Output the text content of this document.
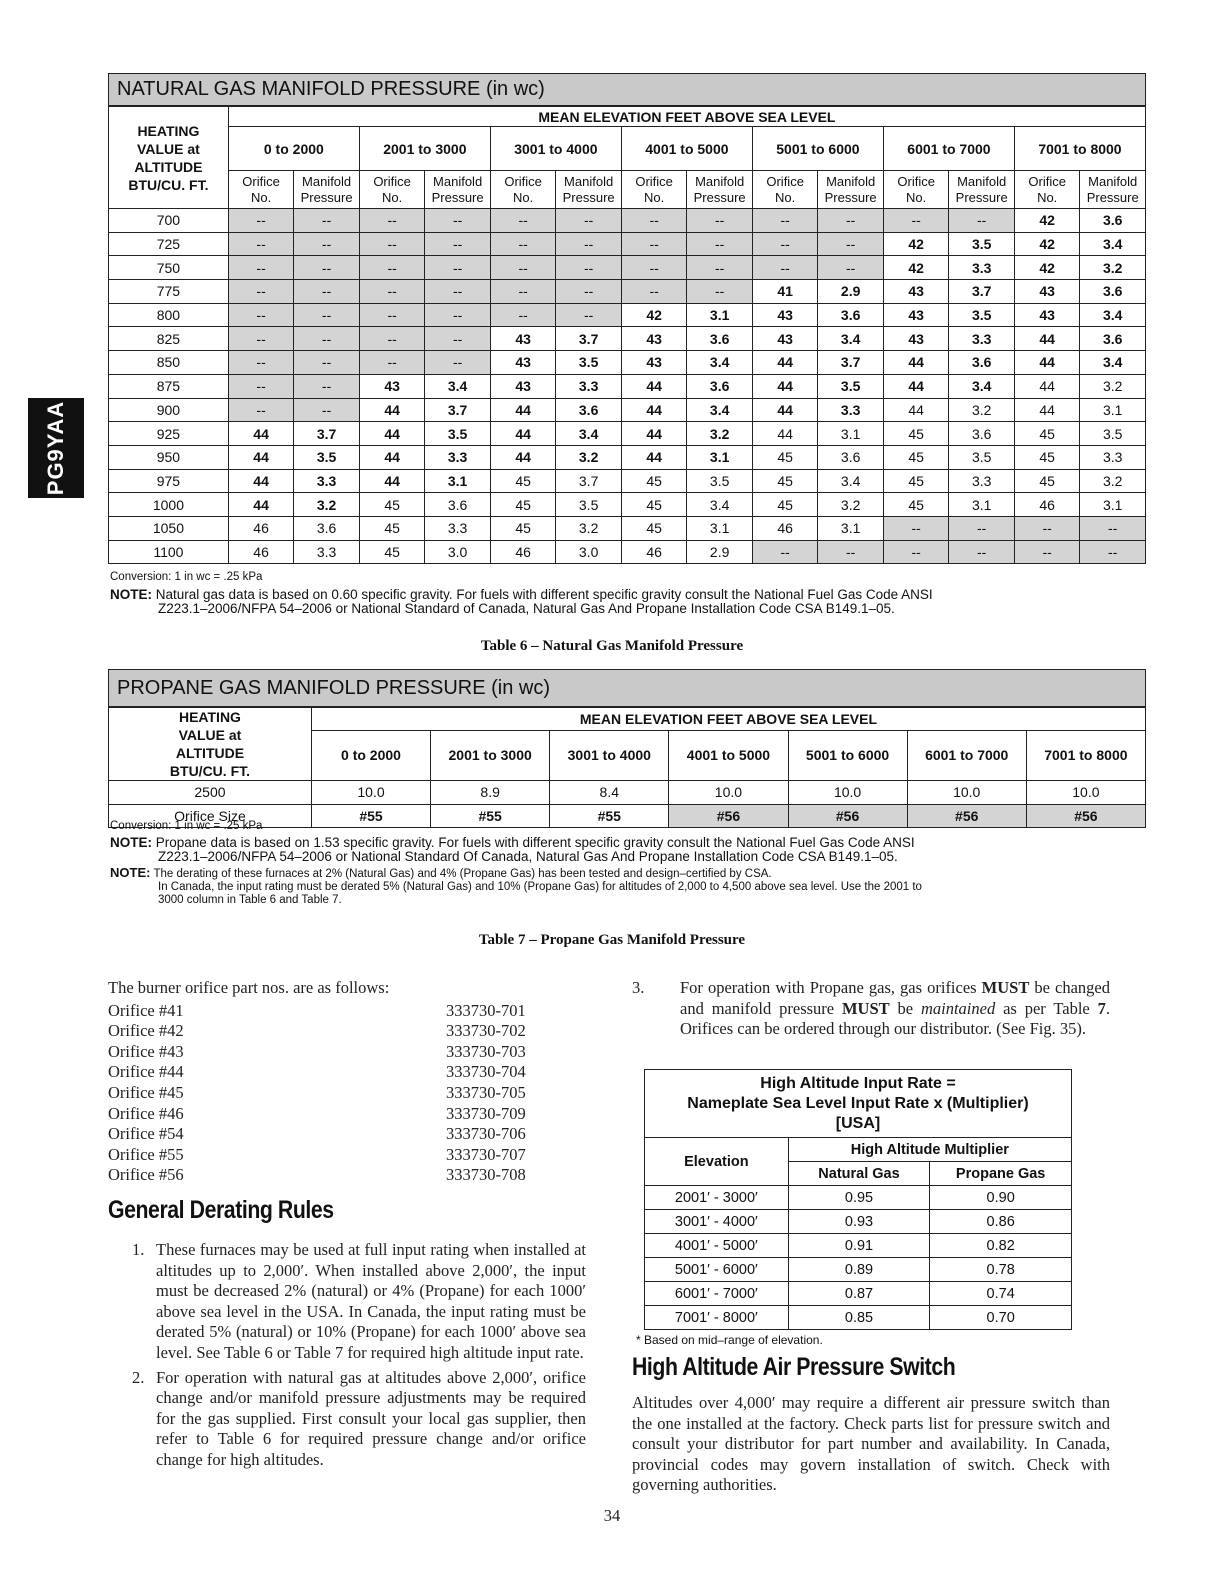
PG9YAA
NATURAL GAS MANIFOLD PRESSURE (in wc)
HEATING VALUE at ALTITUDE BTU/CU. FT.	MEAN ELEVATION FEET ABOVE SEA LEVEL													
	0 to 2000		2001 to 3000		3001 to 4000		4001 to 5000		5001 to 6000		6001 to 7000		7001 to 8000	
	Orifice No.	Manifold Pressure	Orifice No.	Manifold Pressure	Orifice No.	Manifold Pressure	Orifice No.	Manifold Pressure	Orifice No.	Manifold Pressure	Orifice No.	Manifold Pressure	Orifice No.	Manifold Pressure
700	--	--	--	--	--	--	--	--	--	--	--	--	42	3.6
725	--	--	--	--	--	--	--	--	--	--	42	3.5	42	3.4
750	--	--	--	--	--	--	--	--	--	--	42	3.3	42	3.2
775	--	--	--	--	--	--	--	--	41	2.9	43	3.7	43	3.6
800	--	--	--	--	--	--	42	3.1	43	3.6	43	3.5	43	3.4
825	--	--	--	--	43	3.7	43	3.6	43	3.4	43	3.3	44	3.6
850	--	--	--	--	43	3.5	43	3.4	44	3.7	44	3.6	44	3.4
875	--	--	43	3.4	43	3.3	44	3.6	44	3.5	44	3.4	44	3.2
900	--	--	44	3.7	44	3.6	44	3.4	44	3.3	44	3.2	44	3.1
925	44	3.7	44	3.5	44	3.4	44	3.2	44	3.1	45	3.6	45	3.5
950	44	3.5	44	3.3	44	3.2	44	3.1	45	3.6	45	3.5	45	3.3
975	44	3.3	44	3.1	45	3.7	45	3.5	45	3.4	45	3.3	45	3.2
1000	44	3.2	45	3.6	45	3.5	45	3.4	45	3.2	45	3.1	46	3.1
1050	46	3.6	45	3.3	45	3.2	45	3.1	46	3.1	--	--	--	--
1100	46	3.3	45	3.0	46	3.0	46	2.9	--	--	--	--	--	--
Conversion: 1 in wc = .25 kPa
NOTE: Natural gas data is based on 0.60 specific gravity. For fuels with different specific gravity consult the National Fuel Gas Code ANSI
Z223.1–2006/NFPA 54–2006 or National Standard of Canada, Natural Gas And Propane Installation Code CSA B149.1–05.
Table 6 – Natural Gas Manifold Pressure
PROPANE GAS MANIFOLD PRESSURE (in wc)
HEATING VALUE at ALTITUDE BTU/CU. FT.	MEAN ELEVATION FEET ABOVE SEA LEVEL						
	0 to 2000	2001 to 3000	3001 to 4000	4001 to 5000	5001 to 6000	6001 to 7000	7001 to 8000
2500	10.0	8.9	8.4	10.0	10.0	10.0	10.0
Orifice Size	#55	#55	#55	#56	#56	#56	#56
Conversion: 1 in wc = .25 kPa
NOTE: Propane data is based on 1.53 specific gravity. For fuels with different specific gravity consult the National Fuel Gas Code ANSI
Z223.1–2006/NFPA 54–2006 or National Standard Of Canada, Natural Gas And Propane Installation Code CSA B149.1–05.
NOTE: The derating of these furnaces at 2% (Natural Gas) and 4% (Propane Gas) has been tested and design–certified by CSA.
In Canada, the input rating must be derated 5% (Natural Gas) and 10% (Propane Gas) for altitudes of 2,000 to 4,500 above sea level. Use the 2001 to
3000 column in Table 6 and Table 7.
Table 7 – Propane Gas Manifold Pressure
The burner orifice part nos. are as follows:
Orifice #41	333730-701
Orifice #42	333730-702
Orifice #43	333730-703
Orifice #44	333730-704
Orifice #45	333730-705
Orifice #46	333730-709
Orifice #54	333730-706
Orifice #55	333730-707
Orifice #56	333730-708
General Derating Rules
1. These furnaces may be used at full input rating when installed at altitudes up to 2,000′. When installed above 2,000′, the input must be decreased 2% (natural) or 4% (Propane) for each 1000′ above sea level in the USA. In Canada, the input rating must be derated 5% (natural) or 10% (Propane) for each 1000′ above sea level. See Table 6 or Table 7 for required high altitude input rate.
2. For operation with natural gas at altitudes above 2,000′, orifice change and/or manifold pressure adjustments may be required for the gas supplied. First consult your local gas supplier, then refer to Table 6 for required pressure change and/or orifice change for high altitudes.
3. For operation with Propane gas, gas orifices MUST be changed and manifold pressure MUST be maintained as per Table 7. Orifices can be ordered through our distributor. (See Fig. 35).
High Altitude Input Rate =
Nameplate Sea Level Input Rate x (Multiplier)
[USA]		

Elevation	High Altitude Multiplier	
	Natural Gas	Propane Gas
2001′ - 3000′	0.95	0.90
3001′ - 4000′	0.93	0.86
4001′ - 5000′	0.91	0.82
5001′ - 6000′	0.89	0.78
6001′ - 7000′	0.87	0.74
7001′ - 8000′	0.85	0.70
* Based on mid–range of elevation.
High Altitude Air Pressure Switch
Altitudes over 4,000′ may require a different air pressure switch than the one installed at the factory. Check parts list for pressure switch and consult your distributor for part number and availability. In Canada, provincial codes may govern installation of switch. Check with governing authorities.
34
